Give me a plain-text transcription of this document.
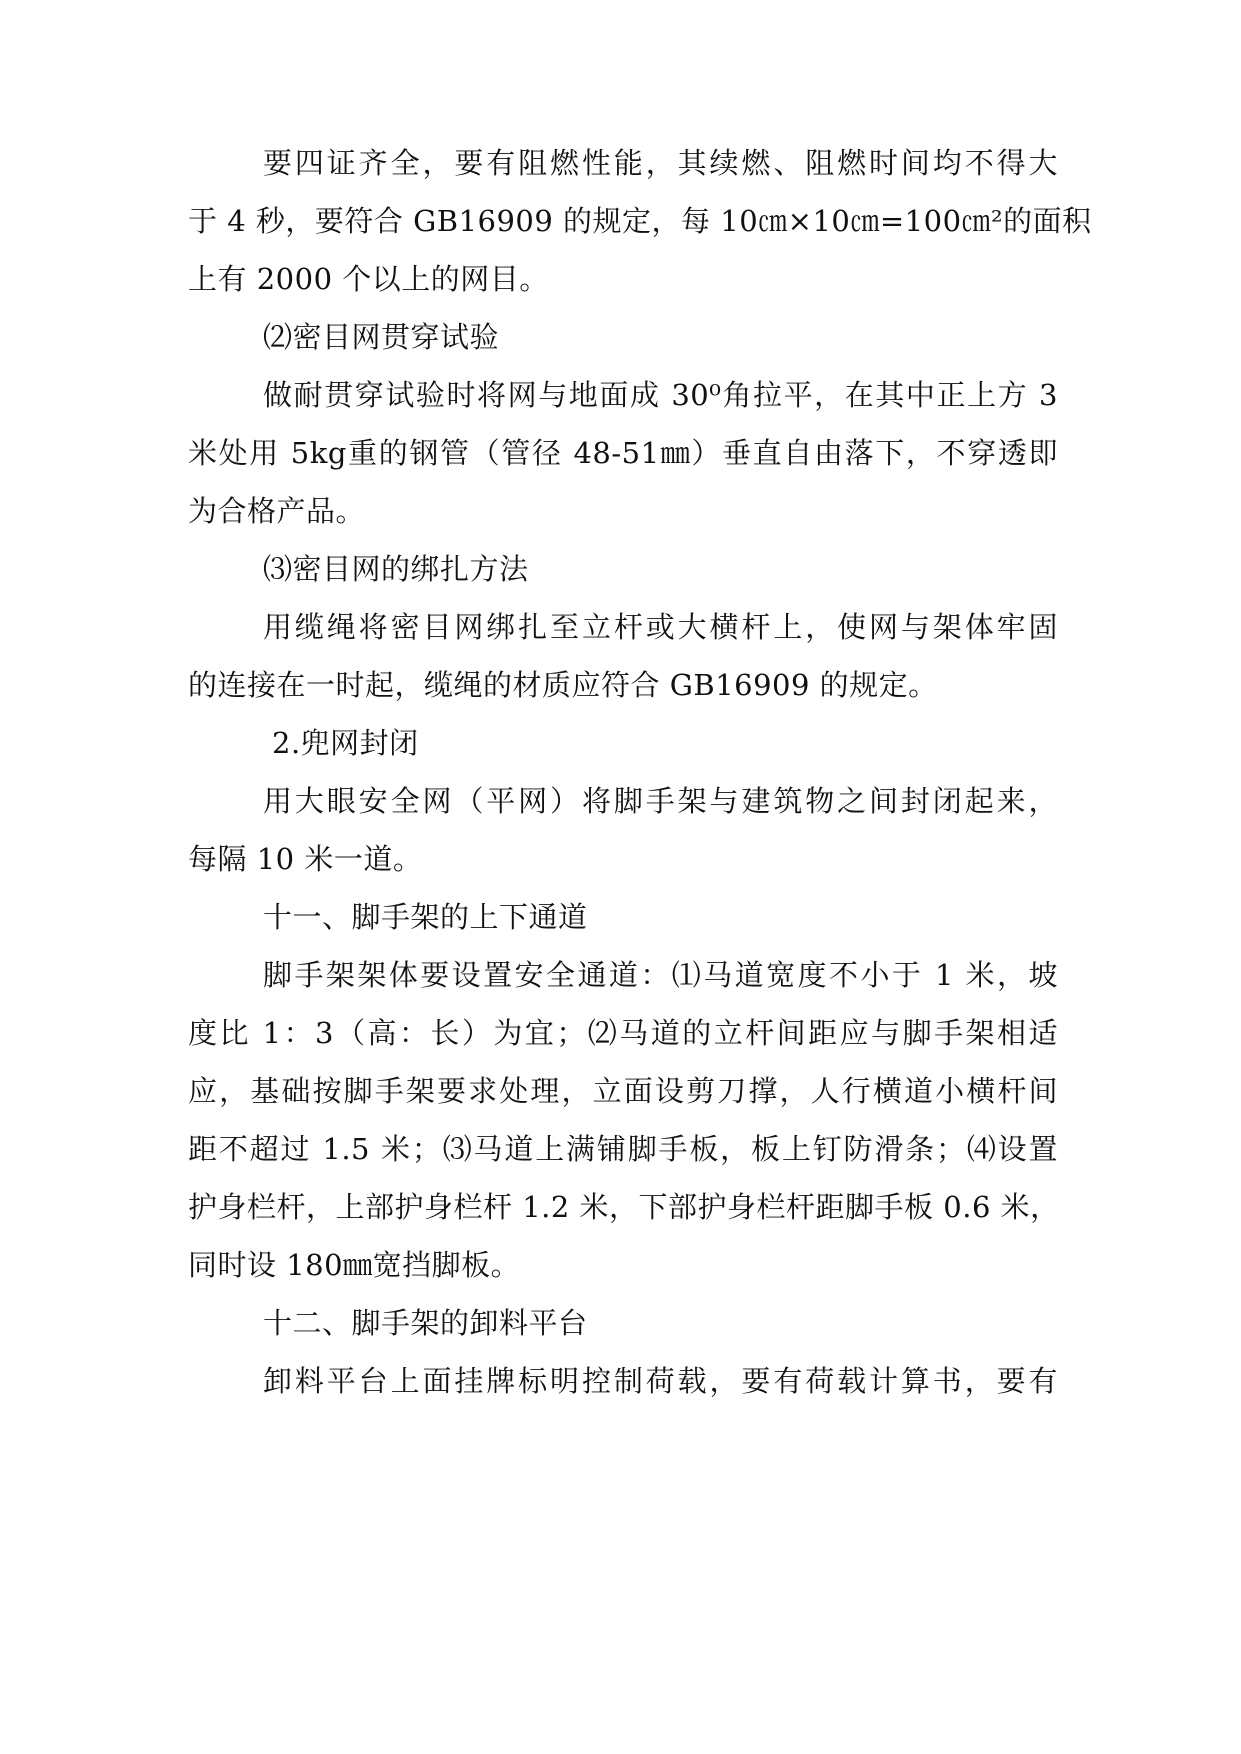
要四证齐全，要有阻燃性能，其续燃、阻燃时间均不得大
于 4 秒，要符合 GB16909 的规定，每 10㎝×10㎝=100㎝²的面积
上有 2000 个以上的网目。
⑵密目网贯穿试验
做耐贯穿试验时将网与地面成 30⁰角拉平，在其中正上方 3
米处用 5kg重的钢管（管径 48-51㎜）垂直自由落下，不穿透即
为合格产品。
⑶密目网的绑扎方法
用缆绳将密目网绑扎至立杆或大横杆上，使网与架体牢固
的连接在一时起，缆绳的材质应符合 GB16909 的规定。
2.兜网封闭
用大眼安全网（平网）将脚手架与建筑物之间封闭起来，
每隔 10 米一道。
十一、脚手架的上下通道
脚手架架体要设置安全通道：⑴马道宽度不小于 1 米，坡
度比 1：3（高：长）为宜；⑵马道的立杆间距应与脚手架相适
应，基础按脚手架要求处理，立面设剪刀撑，人行横道小横杆间
距不超过 1.5 米；⑶马道上满铺脚手板，板上钉防滑条；⑷设置
护身栏杆，上部护身栏杆 1.2 米，下部护身栏杆距脚手板 0.6 米，
同时设 180㎜宽挡脚板。
十二、脚手架的卸料平台
卸料平台上面挂牌标明控制荷载，要有荷载计算书，要有
